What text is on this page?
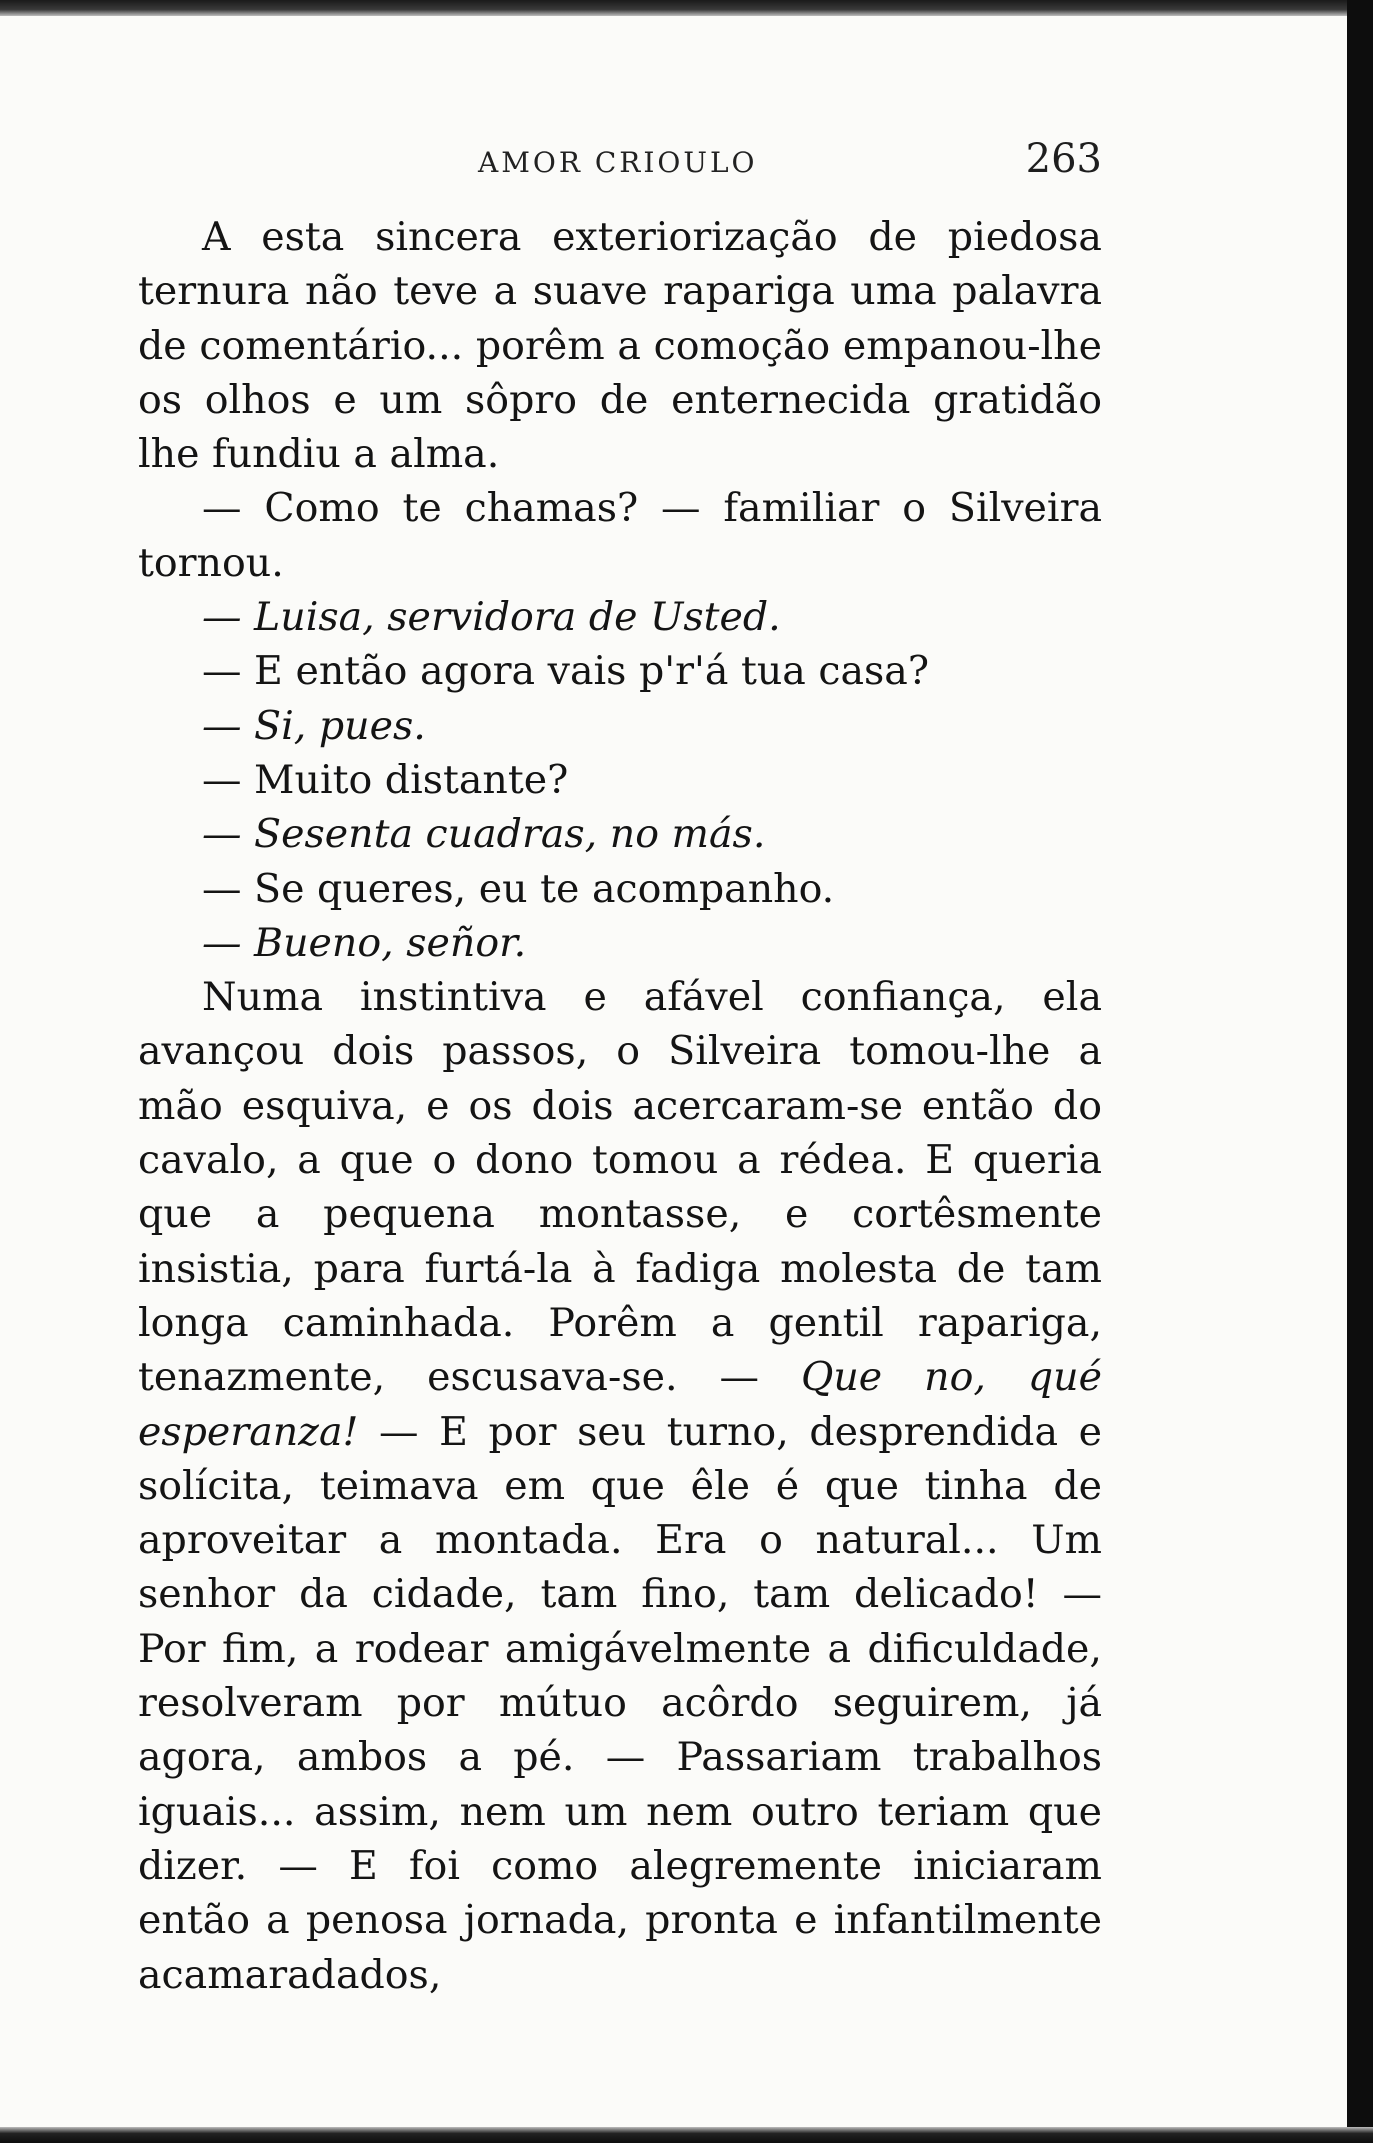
AMOR CRIOULO	263

A esta sincera exteriorização de piedosa ternura não teve a suave rapariga uma palavra de comentário... porêm a comoção empanou-lhe os olhos e um sôpro de enternecida gratidão lhe fundiu a alma.

— Como te chamas? — familiar o Silveira tornou.

— Luisa, servidora de Usted.

— E então agora vais p'r'á tua casa?

— Si, pues.

— Muito distante?

— Sesenta cuadras, no más.

— Se queres, eu te acompanho.

— Bueno, señor.

Numa instintiva e afável confiança, ela avançou dois passos, o Silveira tomou-lhe a mão esquiva, e os dois acercaram-se então do cavalo, a que o dono tomou a rédea. E queria que a pequena montasse, e cortêsmente insistia, para furtá-la à fadiga molesta de tam longa caminhada. Porêm a gentil rapariga, tenazmente, escusava-se. — Que no, qué esperanza! — E por seu turno, desprendida e solícita, teimava em que êle é que tinha de aproveitar a montada. Era o natural... Um senhor da cidade, tam fino, tam delicado! — Por fim, a rodear amigávelmente a dificuldade, resolveram por mútuo acôrdo seguirem, já agora, ambos a pé. — Passariam trabalhos iguais... assim, nem um nem outro teriam que dizer. — E foi como alegremente iniciaram então a penosa jornada, pronta e infantilmente acamaradados,
